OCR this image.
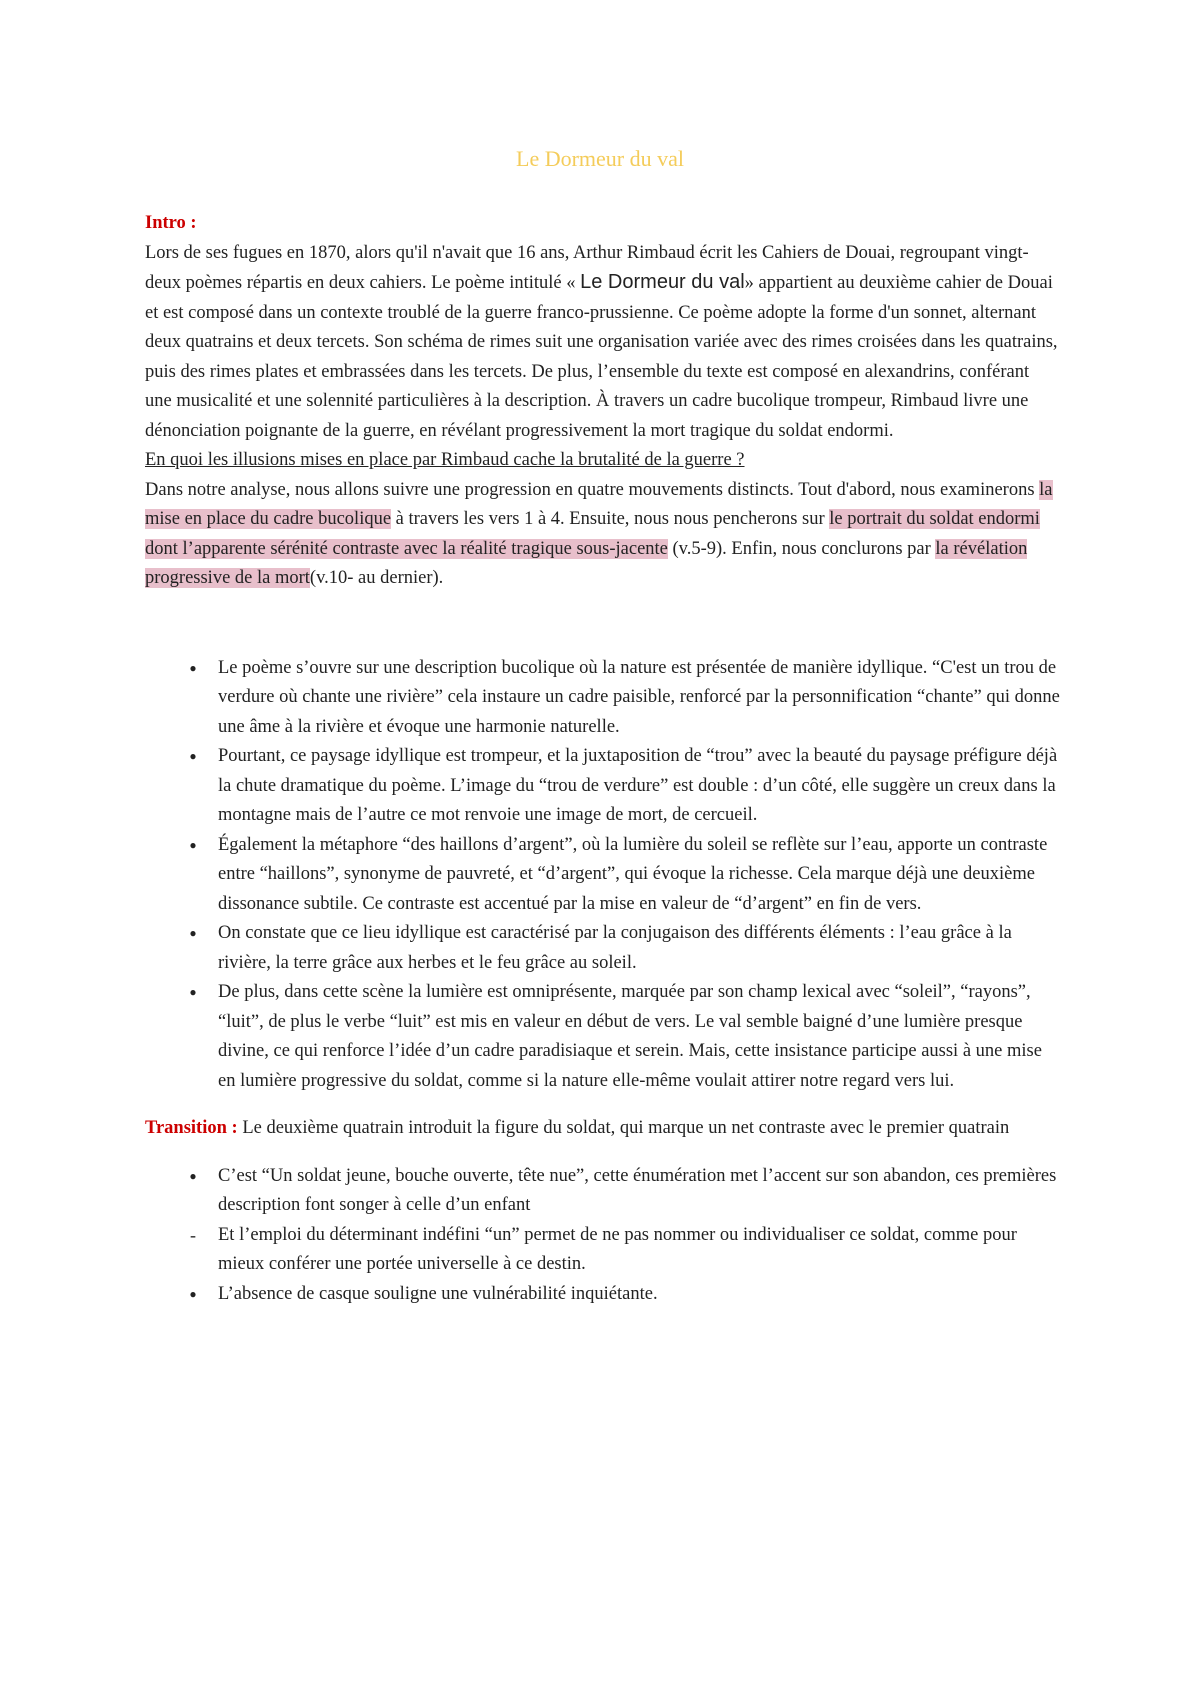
Le Dormeur du val

Intro :
Lors de ses fugues en 1870, alors qu'il n'avait que 16 ans, Arthur Rimbaud écrit les Cahiers de Douai, regroupant vingt-deux poèmes répartis en deux cahiers. Le poème intitulé « Le Dormeur du val» appartient au deuxième cahier de Douai et est composé dans un contexte troublé de la guerre franco-prussienne. Ce poème adopte la forme d'un sonnet, alternant deux quatrains et deux tercets. Son schéma de rimes suit une organisation variée avec des rimes croisées dans les quatrains, puis des rimes plates et embrassées dans les tercets. De plus, l’ensemble du texte est composé en alexandrins, conférant une musicalité et une solennité particulières à la description. À travers un cadre bucolique trompeur, Rimbaud livre une dénonciation poignante de la guerre, en révélant progressivement la mort tragique du soldat endormi.

En quoi les illusions mises en place par Rimbaud cache la brutalité de la guerre ?

Dans notre analyse, nous allons suivre une progression en quatre mouvements distincts. Tout d'abord, nous examinerons la mise en place du cadre bucolique à travers les vers 1 à 4. Ensuite, nous nous pencherons sur le portrait du soldat endormi dont l’apparente sérénité contraste avec la réalité tragique sous-jacente (v.5-9). Enfin, nous conclurons par la révélation progressive de la mort(v.10- au dernier).

●	Le poème s’ouvre sur une description bucolique où la nature est présentée de manière idyllique. “C'est un trou de verdure où chante une rivière” cela instaure un cadre paisible, renforcé par la personnification “chante” qui donne une âme à la rivière et évoque une harmonie naturelle.
●	Pourtant, ce paysage idyllique est trompeur, et la juxtaposition de “trou” avec la beauté du paysage préfigure déjà la chute dramatique du poème. L’image du “trou de verdure” est double : d’un côté, elle suggère un creux dans la montagne mais de l’autre ce mot renvoie une image de mort, de cercueil.
●	Également la métaphore “des haillons d’argent”, où la lumière du soleil se reflète sur l’eau, apporte un contraste entre “haillons”, synonyme de pauvreté, et “d’argent”, qui évoque la richesse. Cela marque déjà une deuxième dissonance subtile. Ce contraste est accentué par la mise en valeur de “d’argent” en fin de vers.
●	On constate que ce lieu idyllique est caractérisé par la conjugaison des différents éléments : l’eau grâce à la rivière, la terre grâce aux herbes et le feu grâce au soleil.
●	De plus, dans cette scène la lumière est omniprésente, marquée par son champ lexical avec “soleil”, “rayons”, “luit”, de plus le verbe “luit” est mis en valeur en début de vers. Le val semble baigné d’une lumière presque divine, ce qui renforce l’idée d’un cadre paradisiaque et serein. Mais, cette insistance participe aussi à une mise en lumière progressive du soldat, comme si la nature elle-même voulait attirer notre regard vers lui.

Transition : Le deuxième quatrain introduit la figure du soldat, qui marque un net contraste avec le premier quatrain

●	C’est “Un soldat jeune, bouche ouverte, tête nue”, cette énumération met l’accent sur son abandon, ces premières description font songer à celle d’un enfant
-	Et l’emploi du déterminant indéfini “un” permet de ne pas nommer ou individualiser ce soldat, comme pour mieux conférer une portée universelle à ce destin.
●	L’absence de casque souligne une vulnérabilité inquiétante.
